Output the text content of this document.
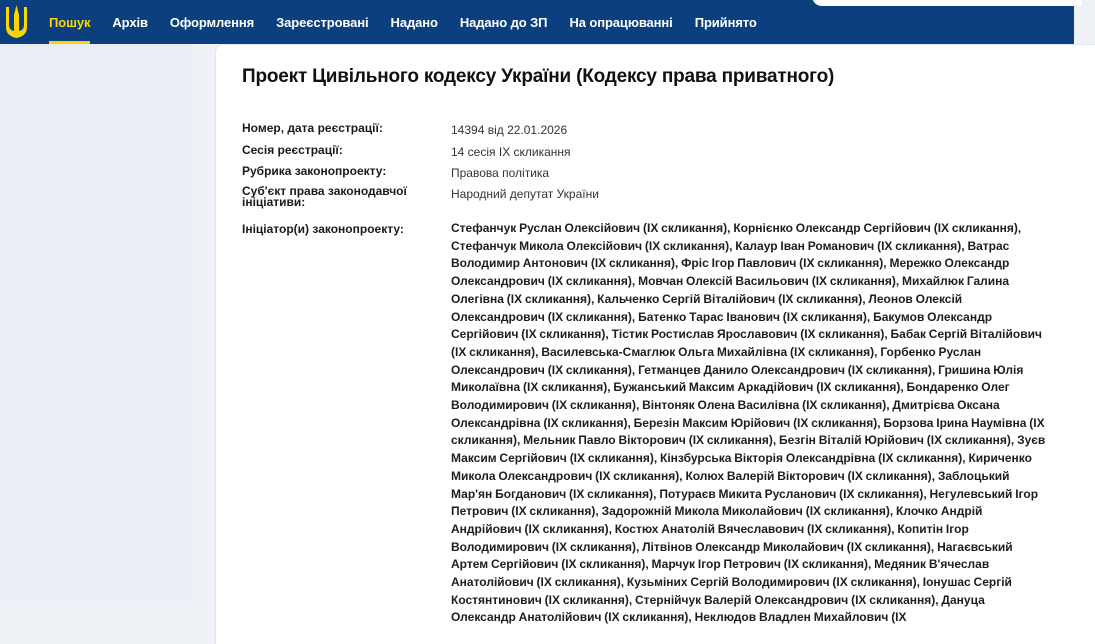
Пошук	Архів	Оформлення	Зареєстровані	Надано	Надано до ЗП	На опрацюванні	Прийнято
Проект Цивільного кодексу України (Кодексу права приватного)
Номер, дата реєстрації:	14394 від 22.01.2026
Сесія реєстрації:	14 сесія IX скликання
Рубрика законопроекту:	Правова політика
Суб'єкт права законодавчої ініціативи:
Народний депутат України
Ініціатор(и) законопроекту:	Стефанчук Руслан Олексійович (IX скликання), Корнієнко Олександр Сергійович (IX скликання), Стефанчук Микола Олексійович (IX скликання), Калаур Іван Романович (IX скликання), Ватрас Володимир Антонович (IX скликання), Фріс Ігор Павлович (IX скликання), Мережко Олександр Олександрович (IX скликання), Мовчан Олексій Васильович (IX скликання), Михайлюк Галина Олегівна (IX скликання), Кальченко Сергій Віталійович (IX скликання), Леонов Олексій Олександрович (IX скликання), Батенко Тарас Іванович (IX скликання), Бакумов Олександр Сергійович (IX скликання), Тістик Ростислав Ярославович (IX скликання), Бабак Сергій Віталійович (IX скликання), Василевська-Смаглюк Ольга Михайлівна (IX скликання), Горбенко Руслан Олександрович (IX скликання), Гетманцев Данило Олександрович (IX скликання), Гришина Юлія Миколаївна (IX скликання), Бужанський Максим Аркадійович (IX скликання), Бондаренко Олег Володимирович (IX скликання), Вінтоняк Олена Василівна (IX скликання), Дмитрієва Оксана Олександрівна (IX скликання), Березін Максим Юрійович (IX скликання), Борзова Ірина Наумівна (IX скликання), Мельник Павло Вікторович (IX скликання), Безгін Віталій Юрійович (IX скликання), Зуєв Максим Сергійович (IX скликання), Кінзбурська Вікторія Олександрівна (IX скликання), Кириченко Микола Олександрович (IX скликання), Колюх Валерій Вікторович (IX скликання), Заблоцький Мар'ян Богданович (IX скликання), Потураєв Микита Русланович (IX скликання), Негулевський Ігор Петрович (IX скликання), Задорожній Микола Миколайович (IX скликання), Клочко Андрій Андрійович (IX скликання), Костюх Анатолій Вячеславович (IX скликання), Копитін Ігор Володимирович (IX скликання), Літвінов Олександр Миколайович (IX скликання), Нагаєвський Артем Сергійович (IX скликання), Марчук Ігор Петрович (IX скликання), Медяник В'ячеслав Анатолійович (IX скликання), Кузьміних Сергій Володимирович (IX скликання), Іонушас Сергій Костянтинович (IX скликання), Стернійчук Валерій Олександрович (IX скликання), Дануца Олександр Анатолійович (IX скликання), Неклюдов Владлен Михайлович (IX
